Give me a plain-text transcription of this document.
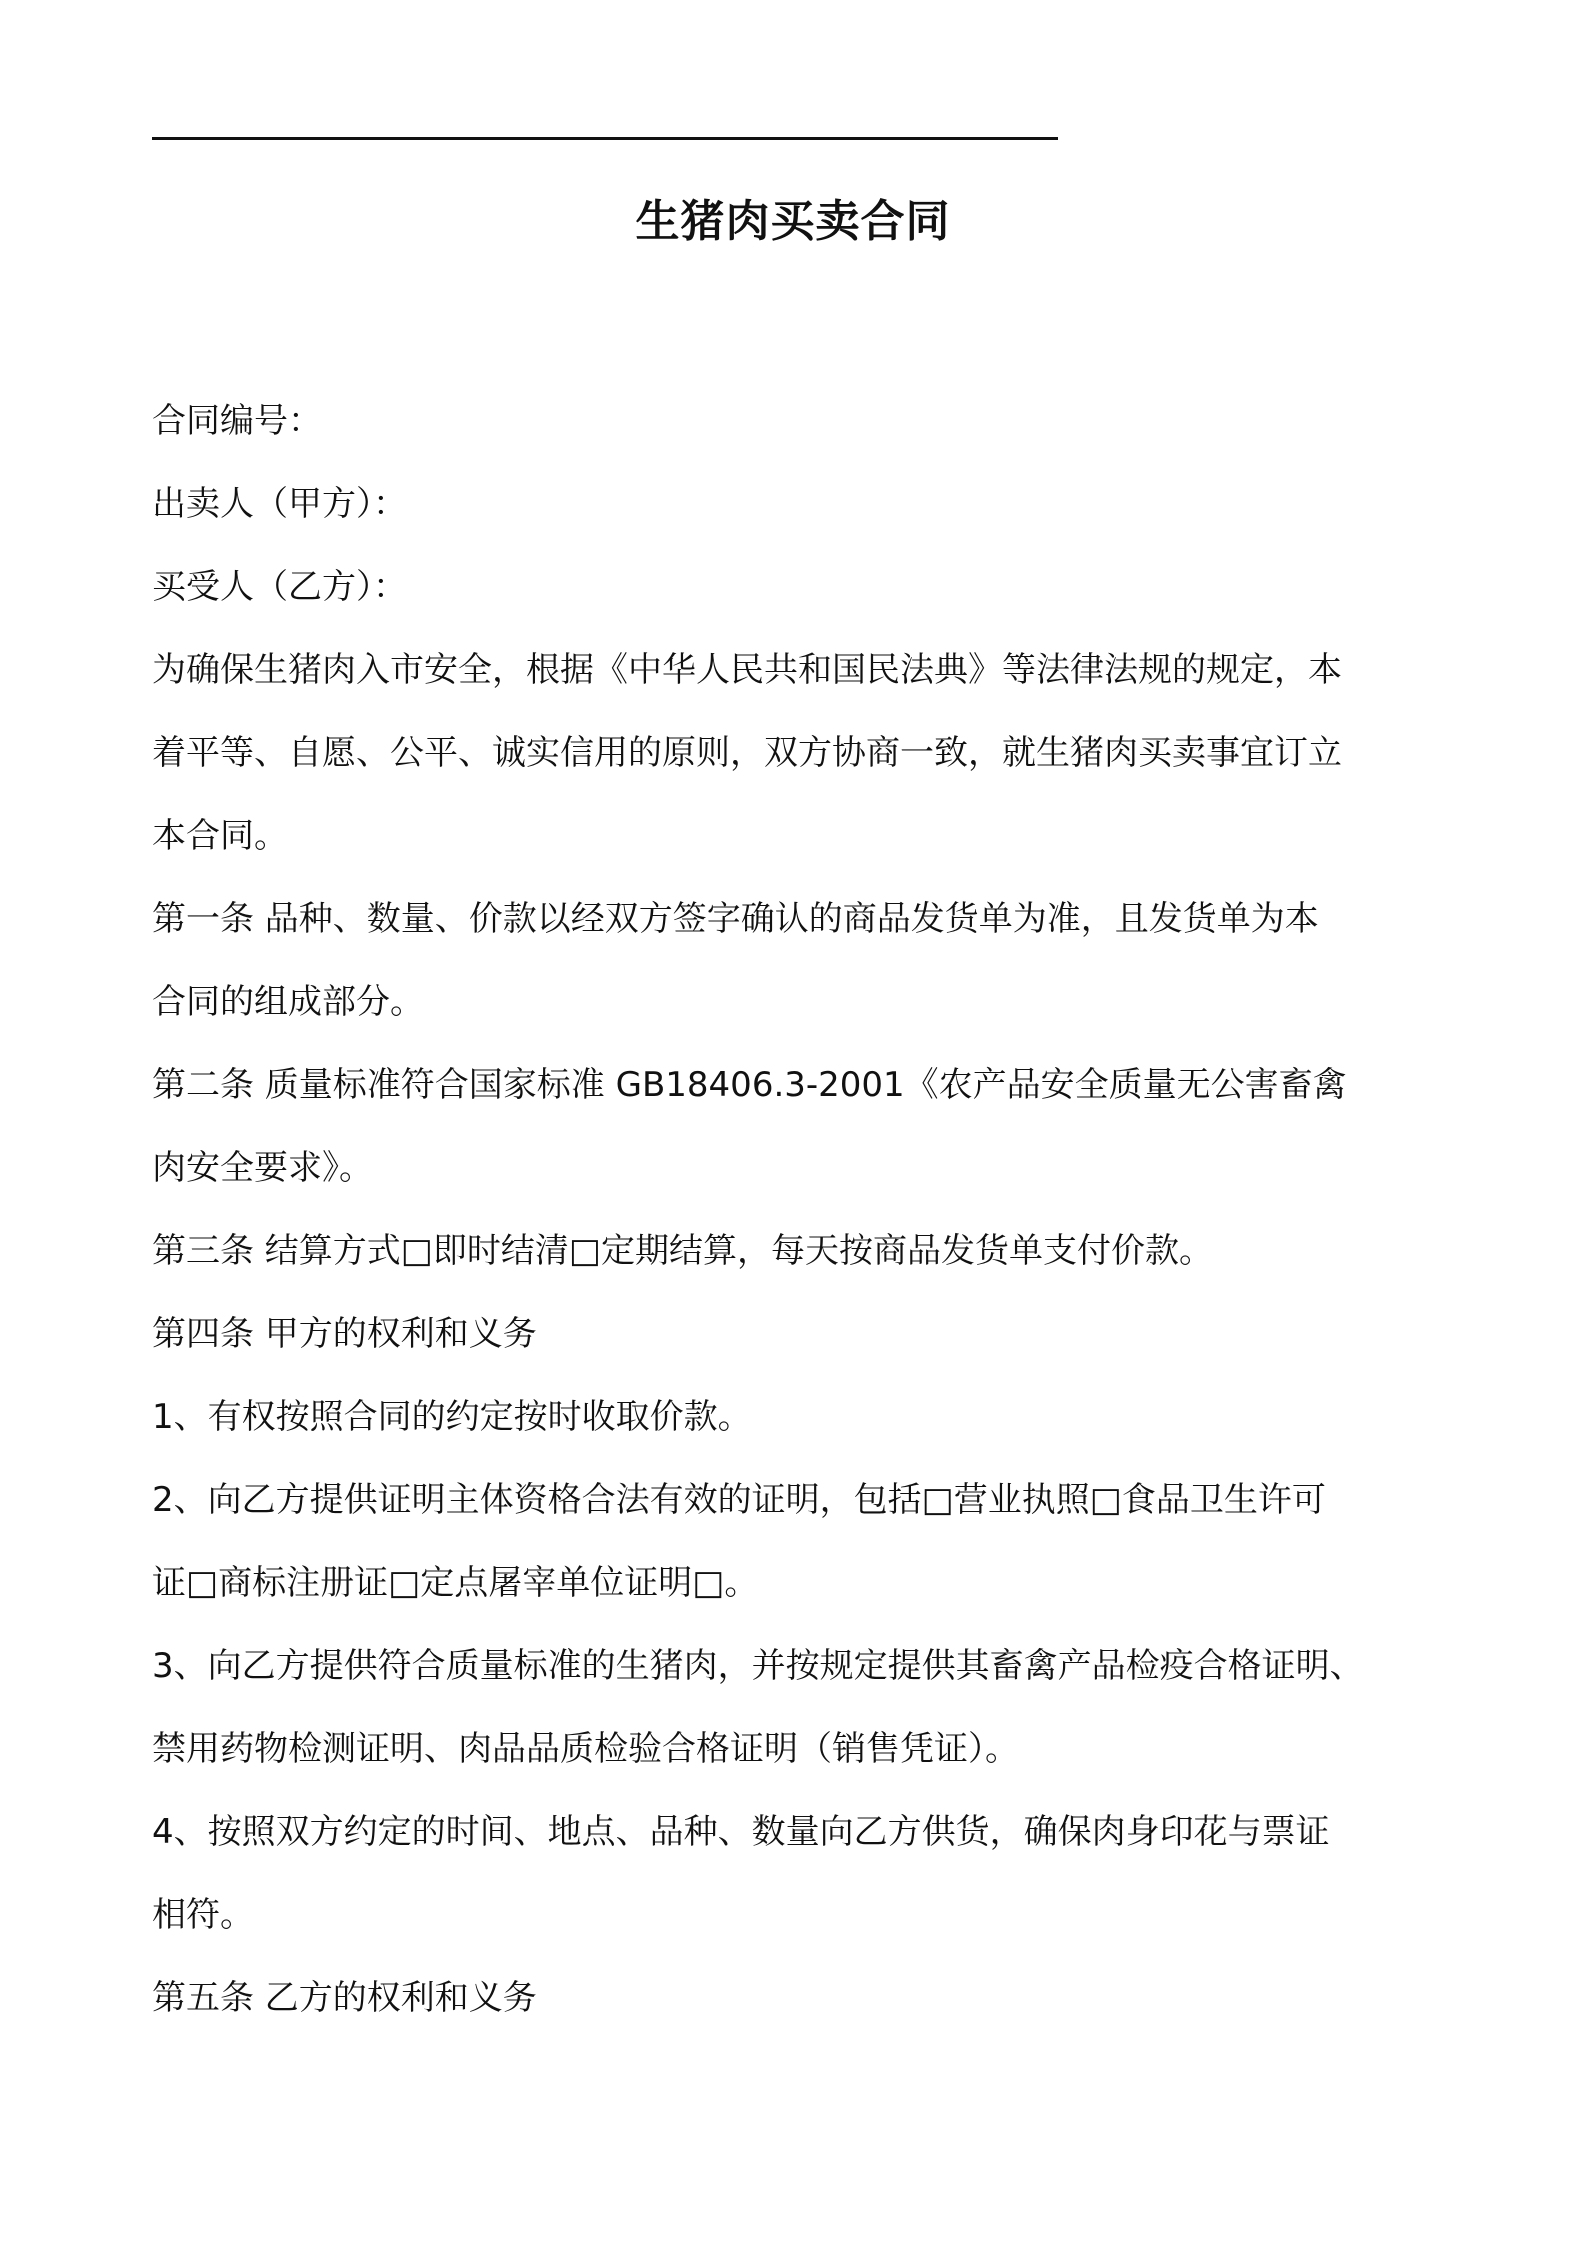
生猪肉买卖合同
合同编号：
出卖人（甲方）：
买受人（乙方）：
为确保生猪肉入市安全，根据《中华人民共和国民法典》等法律法规的规定，本
着平等、自愿、公平、诚实信用的原则，双方协商一致，就生猪肉买卖事宜订立
本合同。
第一条 品种、数量、价款以经双方签字确认的商品发货单为准，且发货单为本
合同的组成部分。
第二条 质量标准符合国家标准 GB18406.3-2001《农产品安全质量无公害畜禽
肉安全要求》。
第三条 结算方式□即时结清□定期结算，每天按商品发货单支付价款。
第四条 甲方的权利和义务
1、有权按照合同的约定按时收取价款。
2、向乙方提供证明主体资格合法有效的证明，包括□营业执照□食品卫生许可
证□商标注册证□定点屠宰单位证明□。
3、向乙方提供符合质量标准的生猪肉，并按规定提供其畜禽产品检疫合格证明、
禁用药物检测证明、肉品品质检验合格证明（销售凭证）。
4、按照双方约定的时间、地点、品种、数量向乙方供货，确保肉身印花与票证
相符。
第五条 乙方的权利和义务
